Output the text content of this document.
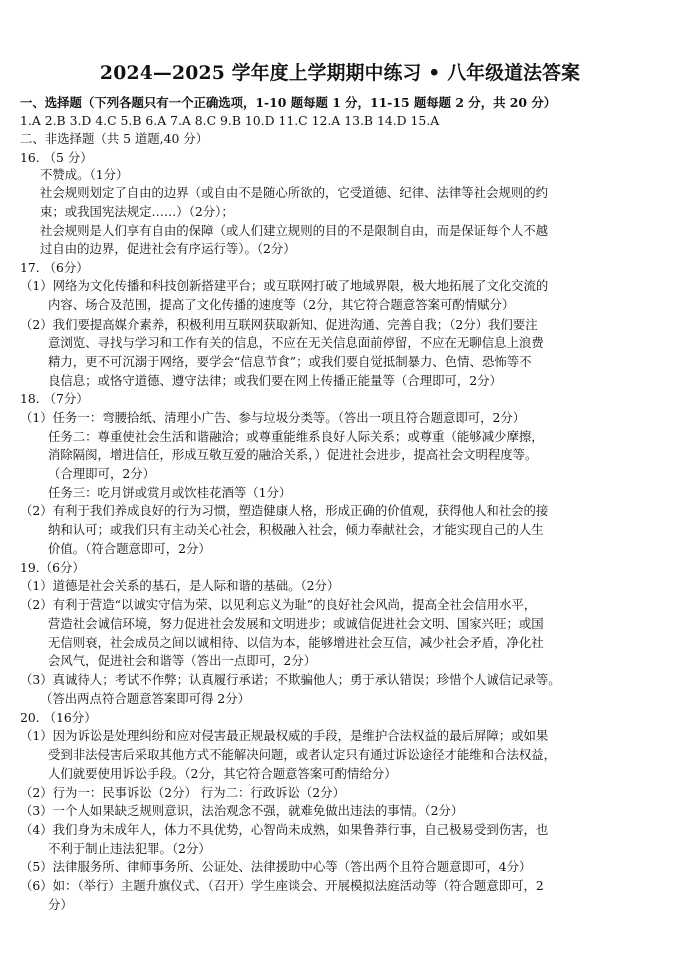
2024—2025 学年度上学期期中练习 • 八年级道法答案
一、选择题（下列各题只有一个正确选项，1-10 题每题 1 分，11-15 题每题 2 分，共 20 分）
1.A 2.B 3.D 4.C 5.B 6.A 7.A 8.C 9.B 10.D 11.C 12.A 13.B 14.D 15.A
二、非选择题（共 5 道题,40 分）
16. （5 分）
不赞成。（1分）
社会规则划定了自由的边界（或自由不是随心所欲的，它受道德、纪律、法律等社会规则的约
束；或我国宪法规定……）（2分）；
社会规则是人们享有自由的保障（或人们建立规则的目的不是限制自由，而是保证每个人不越
过自由的边界，促进社会有序运行等）。（2分）
17. （6分）
（1）网络为文化传播和科技创新搭建平台；或互联网打破了地域界限，极大地拓展了文化交流的
内容、场合及范围，提高了文化传播的速度等（2分，其它符合题意答案可酌情赋分）
（2）我们要提高媒介素养，积极利用互联网获取新知、促进沟通、完善自我；（2分）我们要注
意浏览、寻找与学习和工作有关的信息，不应在无关信息面前停留，不应在无聊信息上浪费
精力，更不可沉溺于网络，要学会“信息节食”；或我们要自觉抵制暴力、色情、恐怖等不
良信息；或恪守道德、遵守法律；或我们要在网上传播正能量等（合理即可，2分）
18. （7分）
（1）任务一：弯腰拾纸、清理小广告、参与垃圾分类等。（答出一项且符合题意即可，2分）
任务二：尊重使社会生活和谐融洽；或尊重能维系良好人际关系；或尊重（能够减少摩擦，
消除隔阂，增进信任，形成互敬互爱的融洽关系，）促进社会进步，提高社会文明程度等。
（合理即可，2分）
任务三：吃月饼或赏月或饮桂花酒等（1分）
（2）有利于我们养成良好的行为习惯，塑造健康人格，形成正确的价值观，获得他人和社会的接
纳和认可；或我们只有主动关心社会，积极融入社会，倾力奉献社会，才能实现自己的人生
价值。（符合题意即可，2分）
19.（6分）
（1）道德是社会关系的基石，是人际和谐的基础。（2分）
（2）有利于营造“以诚实守信为荣、以见利忘义为耻”的良好社会风尚，提高全社会信用水平，
营造社会诚信环境，努力促进社会发展和文明进步；或诚信促进社会文明、国家兴旺；或国
无信则衰，社会成员之间以诚相待、以信为本，能够增进社会互信，减少社会矛盾，净化社
会风气，促进社会和谐等（答出一点即可，2分）
（3）真诚待人；考试不作弊；认真履行承诺；不欺骗他人；勇于承认错误；珍惜个人诚信记录等。
（答出两点符合题意答案即可得 2分）
20. （16分）
（1）因为诉讼是处理纠纷和应对侵害最正规最权威的手段，是维护合法权益的最后屏障；或如果
受到非法侵害后采取其他方式不能解决问题，或者认定只有通过诉讼途径才能维和合法权益，
人们就要使用诉讼手段。（2分，其它符合题意答案可酌情给分）
（2）行为一：民事诉讼（2分） 行为二：行政诉讼（2分）
（3）一个人如果缺乏规则意识，法治观念不强，就难免做出违法的事情。（2分）
（4）我们身为未成年人，体力不具优势，心智尚未成熟，如果鲁莽行事，自己极易受到伤害，也
不利于制止违法犯罪。（2分）
（5）法律服务所、律师事务所、公证处、法律援助中心等（答出两个且符合题意即可，4分）
（6）如：（举行）主题升旗仪式、（召开）学生座谈会、开展模拟法庭活动等（符合题意即可，2
分）
